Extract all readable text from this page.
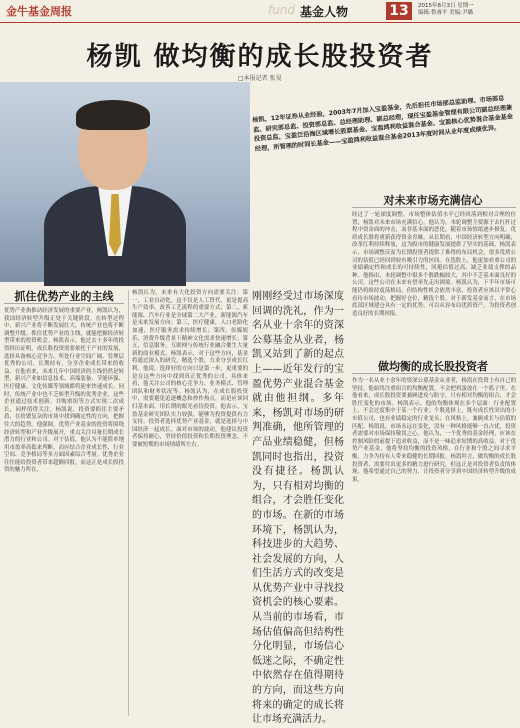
金牛基金周报	fund 基金人物	13	2015年8月3日 星期一
编辑:鲁睿平 美编:尹璐
杨凯 做均衡的成长股投资者
□本报记者 张昊
杨凯，12年证券从业经验，2003年7月加入宝盈基金，先后担任市场部总监助理、市场部总监、研究部总监、投资部总监、总经理助理、副总经理，现任宝盈基金管理有限公司副总经理兼投资总监，宝盈泛沿海区域增长股票基金、宝盈鸿利收益混合基金、宝盈核心优势混合基金基金经理，所管理的时间长基金——宝盈鸿利收益混合基金2013年度时间从业年度成绩优异。
抓住优势产业的主线
优势产业指推动经济发展的重要产业，杨凯认为，我国经济转型升级正处于关键阶段，在转型过程中，新兴产业将不断发展壮大，传统产业也将不断调整升级。抓住优势产业的主线，就能把握经济转型带来的投资机会。杨凯表示，他过去十多年的投资经历证明，成长股投资需要依托于产业的发展，选择具备核心竞争力、所处行业空间广阔、管理层优秀的公司，长期持有，分享企业成长带来的收益。在他看来，未来几年中国经济的主线仍然是转型，新兴产业如信息技术、高端装备、节能环保、医疗健康、文化传媒等领域都将迎来快速成长。同时，传统产业中也不乏转型升级的优秀企业，这些企业通过技术创新、并购重组等方式实现二次成长，同样值得关注。杨凯说，投资要抓住主要矛盾，在纷繁复杂的市场中找到确定性的方向，把握住大的趋势。他强调，优势产业基金的投资将围绕经济转型和产业升级展开，重点关注具备长期成长潜力的行业和公司。对于估值，他认为不能简单地用市盈率高低来判断，而应结合企业成长性、行业空间、竞争格局等多方面因素综合考量。优秀企业往往能给投资者带来超额回报，而这正是成长股投资的魅力所在。
杨凯认为，未来有大化投资方向需要关注：第一，工业自动化，这不仅是人工替代，更是提高生产效率、改善工艺流程的重要方式；第二，新能源，汽车行业是全球第二大产业，新能源汽车是未来发展方向；第三，医疗健康，人口老龄化加速，医疗服务需求持续增长；第四，传媒娱乐，消费升级背景下精神文化需求快速增长；第五，信息服务，互联网与传统行业融合催生大量新的商业模式。杨凯表示，对于这些方向，基金将通过深入的研究，精选个股，力求分享成长红利。他说，选择好的方向只是第一步，更重要的是在这些方向中找到真正优秀的公司。具体来看，他关注公司的核心竞争力、业务模式、管理团队和财务状况等。杨凯认为，在成长股投资中，需要避免追逐概念和炒作热点，而是应该回归基本面，用长期的眼光看待投资。他表示，宝盈基金研究团队实力较强，能够为投资提供有力支持。投资者选择优势产业基金，就是选择与中国经济一起成长。面对市场的波动，他建议投资者保持耐心，坚持价值投资和长期投资理念，不要被短期的市场情绪所左右。
刚刚经受过市场深度回调的洗礼，作为一名从业十余年的资深公募基金从业者，杨凯又站到了新的起点上——近年发行的宝盈优势产业混合基金就由他担纲。多年来，杨凯对市场的研判准确，他所管理的产品业绩稳健，但杨凯同时也指出，投资没有捷径。杨凯认为，只有相对均衡的组合，才会胜任变化的市场。在新的市场环境下，杨凯认为，科技进步的大趋势、社会发展的方向，人们生活方式的改变是从优势产业中寻找投资机会的核心要素。从当前的市场看，市场估值偏高但结构性分化明显，市场信心低迷之际，不确定性中依然存在值得期待的方向，而这些方向将来的确定的成长将让市场充满活力。
对未来市场充满信心
经过了一轮深度调整，市场整体估值水平已经回落到相对合理的位置，杨凯对未来市场充满信心。他认为，本轮调整主要源于去杠杆过程中资金面的冲击，而非基本面的恶化，随着市场情绪逐步修复，优质成长股将重新获得资金青睐。从长期看，中国经济转型方向明确，改革红利持续释放，这为股市的健康发展提供了坚实的基础。杨凯表示，市场调整反而为长期投资者提供了难得的布局机会，很多优质公司的估值已经回到较有吸引力的区间。在选股上，他更加看重公司的业绩确定性和成长的可持续性，回避估值过高、缺乏业绩支撑的品种。他指出，本轮调整中很多个股跌幅较大，其中不乏基本面良好的公司，这些公司在未来有望率先走出困境。杨凯认为，下半年市场可能仍将维持震荡格局，但结构性机会依然丰富，投资者应该以平常心看待市场波动，把握好仓位，精选个股。对于新发基金而言，在市场底部区域建仓具有一定的优势，可以从容布局优质资产，为投资者创造良好的长期回报。
做均衡的成长股投资者
作为一名从业十余年的资深公募基金从业者，杨凯在投资上有自己的坚持，他始终注重组合的均衡配置，不会把鸡蛋放在一个篮子里。在他看来，成长股投资要兼顾进攻与防守，只有相对均衡的组合，才会胜任变化的市场。杨凯表示，他的均衡体现在多个层面：行业配置上，不会过度集中于某一个行业；个股选择上，既有成长性突出的小市值公司，也有业绩稳定的行业龙头；在风格上，兼顾成长与估值的匹配。杨凯说，市场永远在变化，没有一种风格能够一直占优，投资者需要对市场保持敬畏之心。他认为，一个优秀的基金经理，应该在控制风险的前提下追求收益，而不是一味追求短期的高收益。对于优势产业基金，他将坚持均衡的投资风格，在行业和个股之间寻求平衡，力争为持有人带来稳健的长期回报。杨凯坦言，做均衡的成长股投资者，需要付出更多的精力进行研究，但这正是对投资者负责的体现。他希望通过自己的努力，让投资者分享到中国经济转型升级的成果。
